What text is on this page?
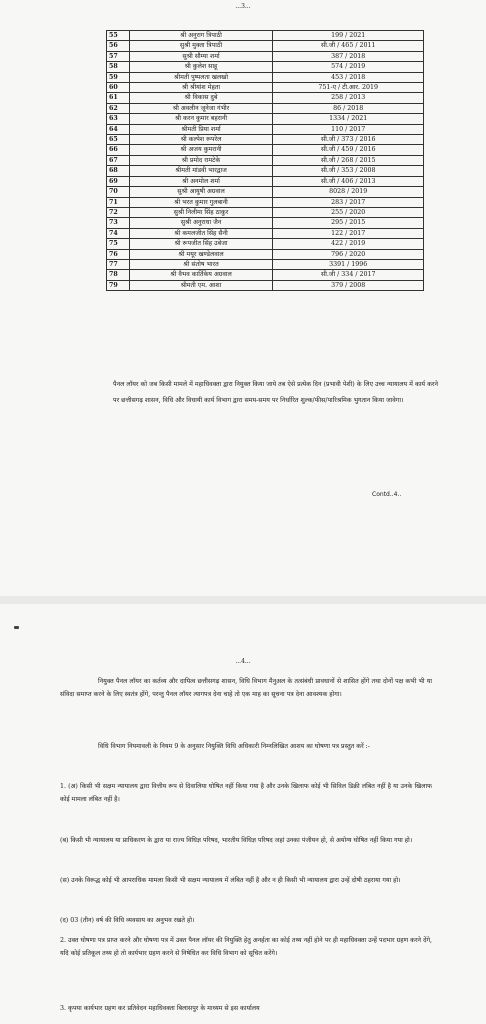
...3...
55	श्री अनुराग त्रिपाठी	199 / 2021
56	सुश्री मुक्ता त्रिपाठी	सी.जी / 465 / 2011
57	सुश्री सौम्या शर्मा	387 / 2018
58	श्री कुलेश साहू	574 / 2019
59	श्रीमती पुष्पलता खलखो	453 / 2018
60	श्री श्रीयांश मेहता	751-ए / टी.आर. 2019
61	श्री विकास दुबे	258 / 2013
62	श्री अवलीन जूनेजा गंभीर	86 / 2018
63	श्री करन कुमार बहरानी	1334 / 2021
64	श्रीमती प्रिया शर्मा	110 / 2017
65	श्री कल्पेश रूपरेल	सी.जी / 373 / 2016
66	श्री अजय कुमरानी	सी.जी / 459 / 2016
67	श्री प्रमोद रामटेके	सी.जी / 268 / 2015
68	श्रीमती मांडवी भारद्वाज	सी.जी / 353 / 2008
69	श्री अनमोल शर्मा	सी.जी / 406 / 2013
70	सुश्री आयुषी अग्रवाल	8028 / 2019
71	श्री भरत कुमार गुलबानी	283 / 2017
72	सुश्री निलीमा सिंह ठाकुर	255 / 2020
73	सुश्री अनुराधा जैन	295 / 2015
74	श्री कमलजीत सिंह सैनी	122 / 2017
75	श्री रूपजीत सिंह उबेजा	422 / 2019
76	श्री मयूर खण्डेलवाल	796 / 2020
77	श्री संतोष भारत	3391 / 1996
78	श्री वैभव कार्तिकेय अग्रवाल	सी.जी / 334 / 2017
79	श्रीमती एम. आशा	379 / 2008

पैनल लॉयर को जब किसी मामले में महाधिवक्ता द्वारा नियुक्त किया जाये तब ऐसे प्रत्येक दिन (प्रभावी पेशी) के लिए उच्च न्यायालय में कार्य करने पर छत्तीसगढ़ शासन, विधि और विधायी कार्य विभाग द्वारा समय-समय पर निर्धारित शुल्क/फीस/पारिश्रमिक भुगतान किया जावेगा।

Contd..4..
...4...

नियुक्त पैनल लॉयर का कर्तव्य और दायित्व छत्तीसगढ़ शासन, विधि विभाग मैनुअल के तत्संबंधी प्रावधानों से शासित होंगे तथा दोनों पक्ष कभी भी या संविदा समाप्त करने के लिए स्वतंत्र होंगे, परन्तु पैनल लॉयर त्यागपत्र देना चाहे तो एक माह का सूचना पत्र देना आवश्यक होगा।

विधि विभाग नियमावली के नियम 9 के अनुसार नियुक्ति विधि अधिकारी निम्नलिखित आशय का घोषणा पत्र प्रस्तुत करें :-

1. (अ) किसी भी सक्षम न्यायालय द्वारा वित्तीय रूप से दिवालिया घोषित नहीं किया गया है और उनके खिलाफ कोई भी सिविल डिक्री लंबित नहीं है या उनके खिलाफ कोई मामला लंबित नहीं है।

(ब) किसी भी न्यायालय या प्राधिकरण के द्वारा या राज्य विधिज्ञ परिषद, भारतीय विधिज्ञ परिषद जहां उनका पंजीयन हो, से अयोग्य घोषित नहीं किया गया हो।

(स) उनके विरूद्ध कोई भी आपराधिक मामला किसी भी सक्षम न्यायालय में लंबित नहीं है और न ही किसी भी न्यायालय द्वारा उन्हें दोषी ठहराया गया हो।

(द) 03 (तीन) वर्ष की विधि व्यवसाय का अनुभव रखते हो।

2. उक्त घोषणा पत्र प्राप्त करने और घोषणा पत्र में उक्त पैनल लॉयर की नियुक्ति हेतु अनर्हता का कोई तथ्य नहीं होने पर ही महाधिवक्ता उन्हें पदभार ग्रहण करने देंगे, यदि कोई प्रतिकूल तथ्य हो तो कार्यभार ग्रहण करने से निषेधित कर विधि विभाग को सूचित करेंगे।

3. कृपया कार्यभार ग्रहण कर प्रतिवेदन महाधिवक्ता बिलासपुर के माध्यम से इस कार्यालय
